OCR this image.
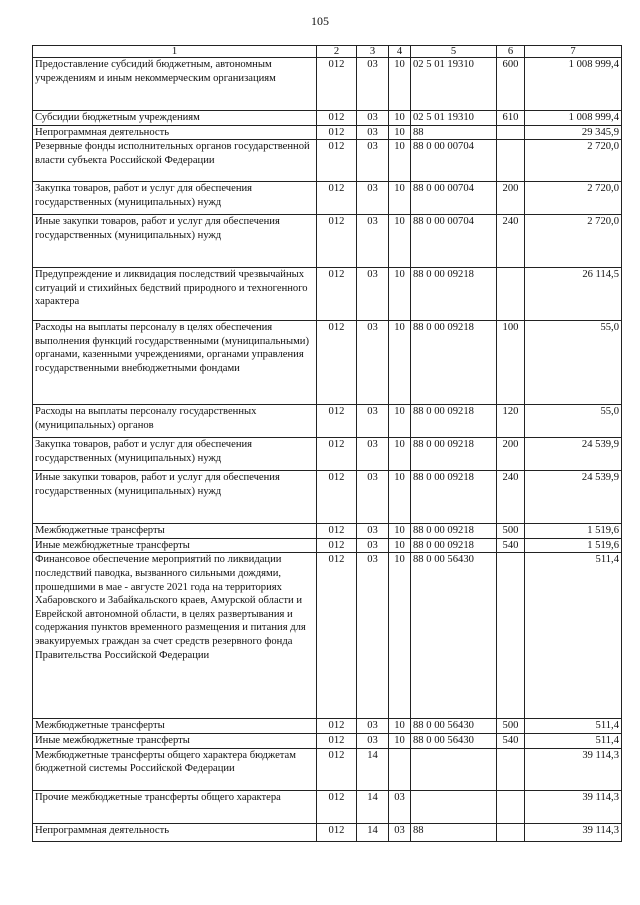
105
1	2	3	4	5	6	7
Предоставление субсидий бюджетным, автономным учреждениям и иным некоммерческим организациям	012	03	10	02 5 01 19310	600	1 008 999,4
Субсидии бюджетным учреждениям	012	03	10	02 5 01 19310	610	1 008 999,4
Непрограммная деятельность	012	03	10	88		29 345,9
Резервные фонды исполнительных органов государственной власти субъекта Российской Федерации	012	03	10	88 0 00 00704		2 720,0
Закупка товаров, работ и услуг для обеспечения государственных (муниципальных) нужд	012	03	10	88 0 00 00704	200	2 720,0
Иные закупки товаров, работ и услуг для обеспечения государственных (муниципальных) нужд	012	03	10	88 0 00 00704	240	2 720,0
Предупреждение и ликвидация последствий чрезвычайных ситуаций и стихийных бедствий природного и техногенного характера	012	03	10	88 0 00 09218		26 114,5
Расходы на выплаты персоналу в целях обеспечения выполнения функций государственными (муниципальными) органами, казенными учреждениями, органами управления государственными внебюджетными фондами	012	03	10	88 0 00 09218	100	55,0
Расходы на выплаты персоналу государственных (муниципальных) органов	012	03	10	88 0 00 09218	120	55,0
Закупка товаров, работ и услуг для обеспечения государственных (муниципальных) нужд	012	03	10	88 0 00 09218	200	24 539,9
Иные закупки товаров, работ и услуг для обеспечения государственных (муниципальных) нужд	012	03	10	88 0 00 09218	240	24 539,9
Межбюджетные трансферты	012	03	10	88 0 00 09218	500	1 519,6
Иные межбюджетные трансферты	012	03	10	88 0 00 09218	540	1 519,6
Финансовое обеспечение мероприятий по ликвидации последствий паводка, вызванного сильными дождями, прошедшими в мае - августе 2021 года на территориях Хабаровского и Забайкальского краев, Амурской области и Еврейской автономной области, в целях развертывания и содержания пунктов временного размещения и питания для эвакуируемых граждан за счет средств резервного фонда Правительства Российской Федерации	012	03	10	88 0 00 56430		511,4
Межбюджетные трансферты	012	03	10	88 0 00 56430	500	511,4
Иные межбюджетные трансферты	012	03	10	88 0 00 56430	540	511,4
Межбюджетные трансферты общего характера бюджетам бюджетной системы Российской Федерации	012	14				39 114,3
Прочие межбюджетные трансферты общего характера	012	14	03			39 114,3
Непрограммная деятельность	012	14	03	88		39 114,3
